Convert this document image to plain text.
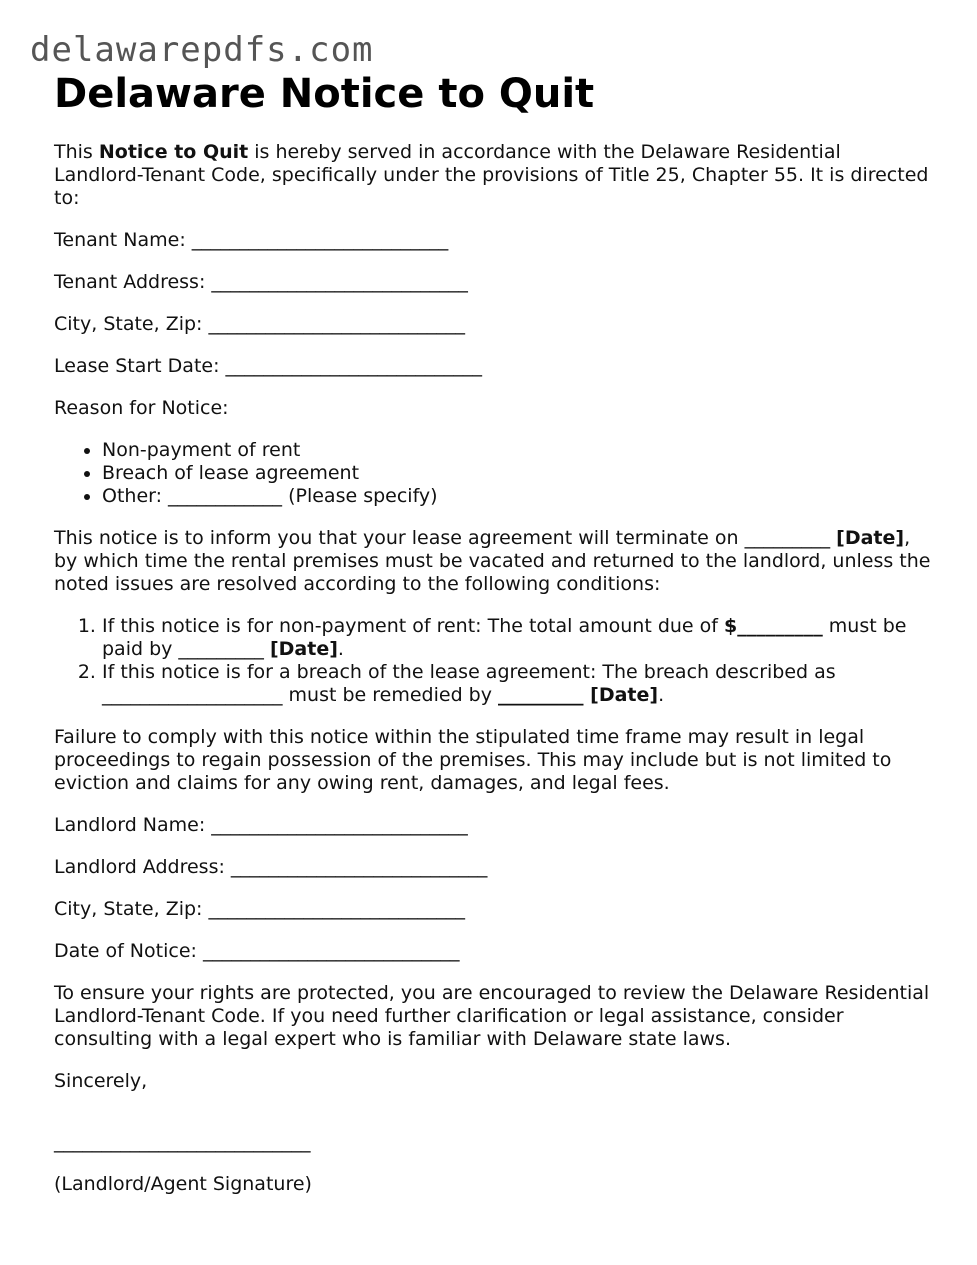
delawarepdfs.com
Delaware Notice to Quit

This Notice to Quit is hereby served in accordance with the Delaware Residential Landlord-Tenant Code, specifically under the provisions of Title 25, Chapter 55. It is directed to:

Tenant Name: ___________________________

Tenant Address: ___________________________

City, State, Zip: ___________________________

Lease Start Date: ___________________________

Reason for Notice:

• Non-payment of rent
• Breach of lease agreement
• Other: ____________ (Please specify)

This notice is to inform you that your lease agreement will terminate on _________ [Date], by which time the rental premises must be vacated and returned to the landlord, unless the noted issues are resolved according to the following conditions:

1. If this notice is for non-payment of rent: The total amount due of $_________ must be paid by _________ [Date].
2. If this notice is for a breach of the lease agreement: The breach described as ___________________ must be remedied by _________ [Date].

Failure to comply with this notice within the stipulated time frame may result in legal proceedings to regain possession of the premises. This may include but is not limited to eviction and claims for any owing rent, damages, and legal fees.

Landlord Name: ___________________________

Landlord Address: ___________________________

City, State, Zip: ___________________________

Date of Notice: ___________________________

To ensure your rights are protected, you are encouraged to review the Delaware Residential Landlord-Tenant Code. If you need further clarification or legal assistance, consider consulting with a legal expert who is familiar with Delaware state laws.

Sincerely,

___________________________

(Landlord/Agent Signature)
